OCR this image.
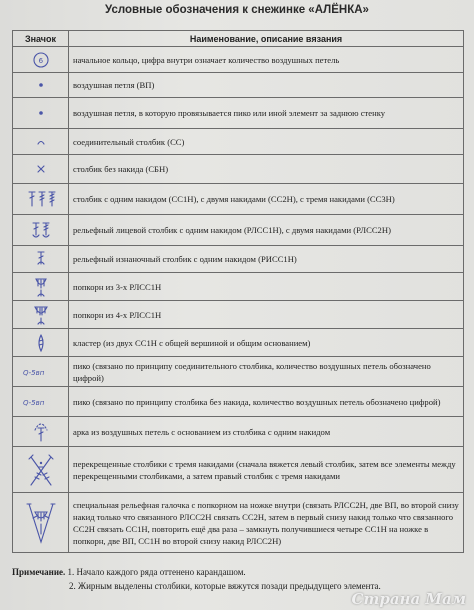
Условные обозначения к снежинке «АЛЁНКА»
Значок	Наименование, описание вязания

6	начальное кольцо, цифра внутри означает количество воздушных петель

	воздушная петля (ВП)

	воздушная петля, в которую провязывается пико или иной элемент за заднюю стенку

	соединительный столбик (СС)

	столбик без накида (СБН)

	столбик с одним накидом (СС1Н), с двумя накидами (СС2Н), с тремя накидами (СС3Н)

	рельефный лицевой столбик с одним накидом (РЛСС1Н), с двумя накидами (РЛСС2Н)

	рельефный изнаночный столбик с одним накидом (РИСС1Н)

	попкорн из 3-х РЛСС1Н

	попкорн из 4-х РЛСС1Н

	кластер (из двух СС1Н с общей вершиной и общим основанием)

Q-5вп	пико (связано по принципу соединительного столбика, количество воздушных петель обозначено цифрой)

Q-5вп	пико (связано по принципу столбика без накида, количество воздушных петель обозначено цифрой)

	арка из воздушных петель с основанием из столбика с одним накидом

	перекрещенные столбики с тремя накидами (сначала вяжется левый столбик, затем все элементы между перекрещенными столбиками, а затем правый столбик с тремя накидами

	специальная рельефная галочка с попкорном на ножке внутри (связать РЛСС2Н, две ВП, во второй снизу накид только что связанного РЛСС2Н связать СС2Н, затем в первый снизу накид только что связанного СС2Н связать СС1Н, повторить ещё два раза – замкнуть получившиеся четыре СС1Н на ножке в попкорн, две ВП, СС1Н во второй снизу накид РЛСС2Н)
Примечание. 1. Начало каждого ряда оттенено карандашом.
2. Жирным выделены столбики, которые вяжутся позади предыдущего элемента.
Страна Мам
